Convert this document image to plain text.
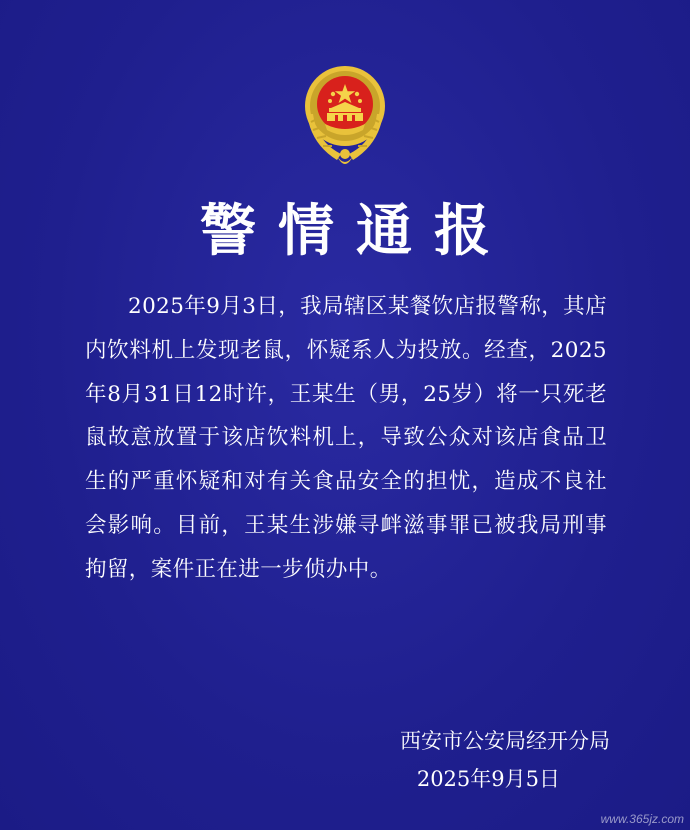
警情通报
2025年9月3日，我局辖区某餐饮店报警称，其店内饮料机上发现老鼠，怀疑系人为投放。经查，2025年8月31日12时许，王某生（男，25岁）将一只死老鼠故意放置于该店饮料机上，导致公众对该店食品卫生的严重怀疑和对有关食品安全的担忧，造成不良社会影响。目前，王某生涉嫌寻衅滋事罪已被我局刑事拘留，案件正在进一步侦办中。
西安市公安局经开分局
2025年9月5日
www.365jz.com
